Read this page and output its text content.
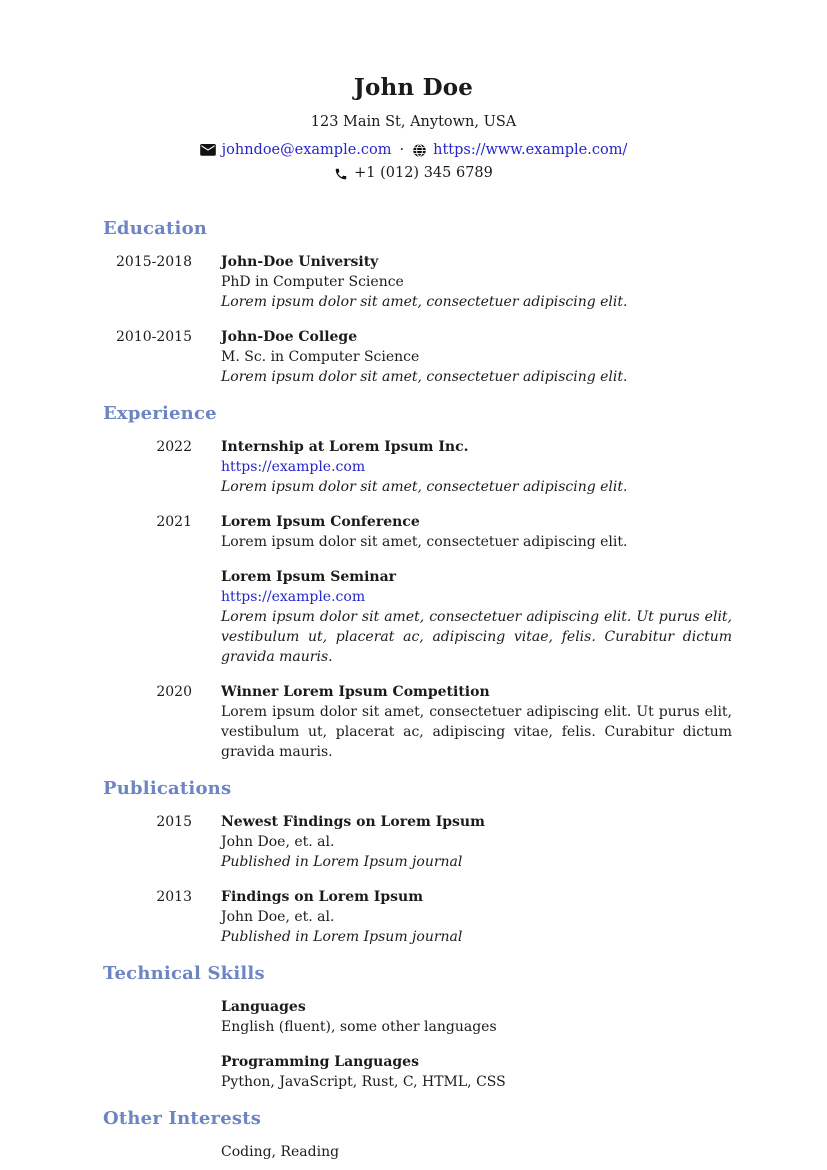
John Doe
123 Main St, Anytown, USA
johndoe@example.com · https://www.example.com/
+1 (012) 345 6789
Education
2015-2018 John-Doe University
PhD in Computer Science
Lorem ipsum dolor sit amet, consectetuer adipiscing elit.
2010-2015 John-Doe College
M. Sc. in Computer Science
Lorem ipsum dolor sit amet, consectetuer adipiscing elit.
Experience
2022 Internship at Lorem Ipsum Inc.
https://example.com
Lorem ipsum dolor sit amet, consectetuer adipiscing elit.
2021 Lorem Ipsum Conference
Lorem ipsum dolor sit amet, consectetuer adipiscing elit.
Lorem Ipsum Seminar
https://example.com
Lorem ipsum dolor sit amet, consectetuer adipiscing elit. Ut purus elit, vestibulum ut, placerat ac, adipiscing vitae, felis. Curabitur dictum gravida mauris.
2020 Winner Lorem Ipsum Competition
Lorem ipsum dolor sit amet, consectetuer adipiscing elit. Ut purus elit, vestibulum ut, placerat ac, adipiscing vitae, felis. Curabitur dictum gravida mauris.
Publications
2015 Newest Findings on Lorem Ipsum
John Doe, et. al.
Published in Lorem Ipsum journal
2013 Findings on Lorem Ipsum
John Doe, et. al.
Published in Lorem Ipsum journal
Technical Skills
Languages
English (fluent), some other languages
Programming Languages
Python, JavaScript, Rust, C, HTML, CSS
Other Interests
Coding, Reading
